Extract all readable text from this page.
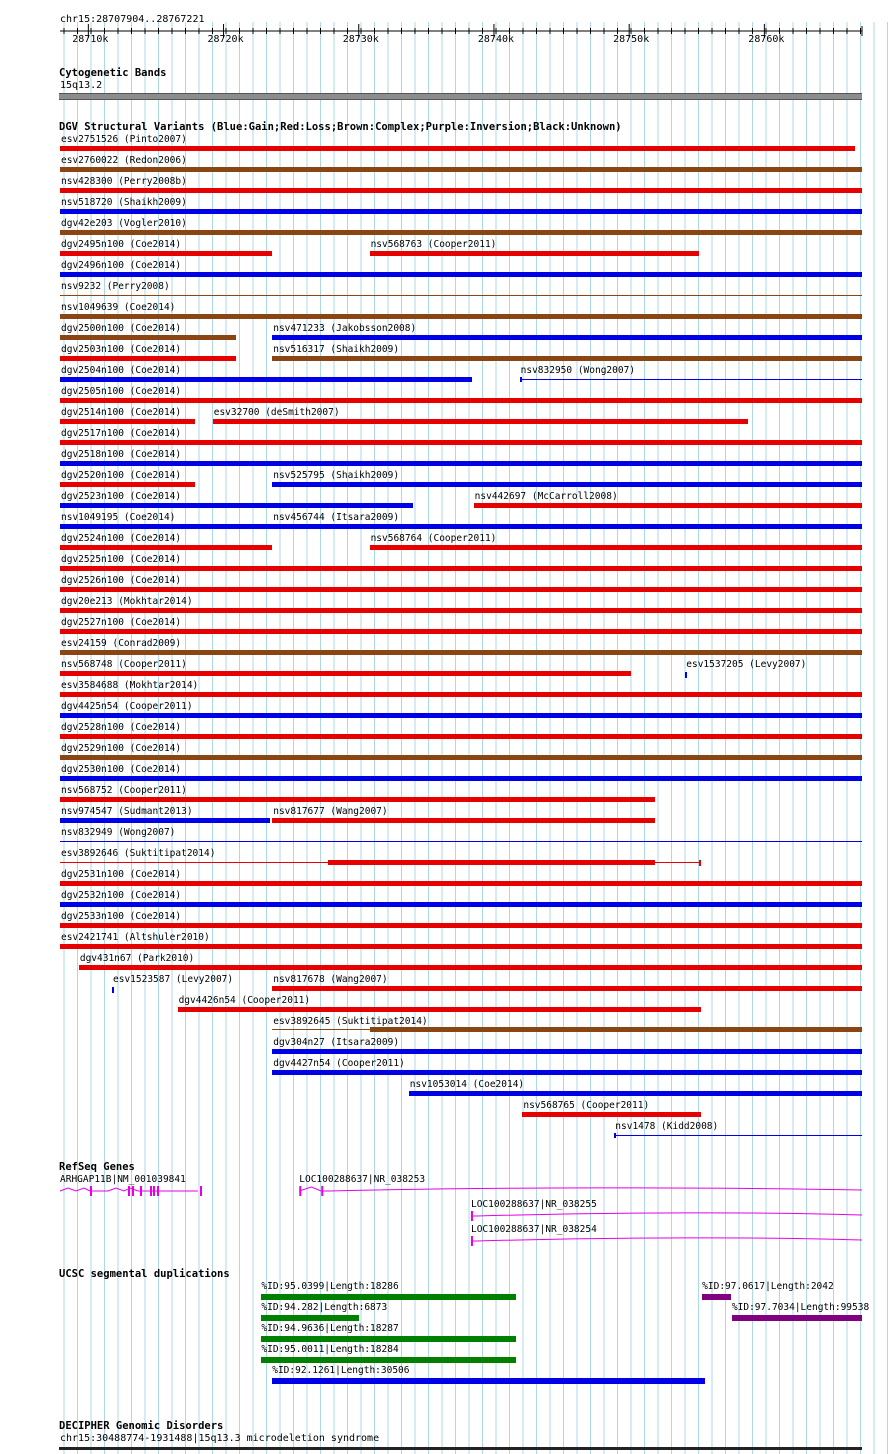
chr15:28707904..28767221
28710k	28720k	28730k	28740k	28750k	28760k
Cytogenetic Bands
15q13.2
DGV Structural Variants (Blue:Gain;Red:Loss;Brown:Complex;Purple:Inversion;Black:Unknown)
esv2751526 (Pinto2007)
esv2760022 (Redon2006)
nsv428300 (Perry2008b)
nsv518720 (Shaikh2009)
dgv42e203 (Vogler2010)
dgv2495n100 (Coe2014)	nsv568763 (Cooper2011)
dgv2496n100 (Coe2014)
nsv9232 (Perry2008)
nsv1049639 (Coe2014)
dgv2500n100 (Coe2014)	nsv471233 (Jakobsson2008)
dgv2503n100 (Coe2014)	nsv516317 (Shaikh2009)
dgv2504n100 (Coe2014)	nsv832950 (Wong2007)
dgv2505n100 (Coe2014)
dgv2514n100 (Coe2014)	esv32700 (deSmith2007)
dgv2517n100 (Coe2014)
dgv2518n100 (Coe2014)
dgv2520n100 (Coe2014)	nsv525795 (Shaikh2009)
dgv2523n100 (Coe2014)	nsv442697 (McCarroll2008)
nsv1049195 (Coe2014)	nsv456744 (Itsara2009)
dgv2524n100 (Coe2014)	nsv568764 (Cooper2011)
dgv2525n100 (Coe2014)
dgv2526n100 (Coe2014)
dgv20e213 (Mokhtar2014)
dgv2527n100 (Coe2014)
esv24159 (Conrad2009)
nsv568748 (Cooper2011)	esv1537205 (Levy2007)
esv3584688 (Mokhtar2014)
dgv4425n54 (Cooper2011)
dgv2528n100 (Coe2014)
dgv2529n100 (Coe2014)
dgv2530n100 (Coe2014)
nsv568752 (Cooper2011)
nsv974547 (Sudmant2013)	nsv817677 (Wang2007)
nsv832949 (Wong2007)
esv3892646 (Suktitipat2014)
dgv2531n100 (Coe2014)
dgv2532n100 (Coe2014)
dgv2533n100 (Coe2014)
esv2421741 (Altshuler2010)
dgv431n67 (Park2010)
esv1523587 (Levy2007)	nsv817678 (Wang2007)
dgv4426n54 (Cooper2011)
esv3892645 (Suktitipat2014)
dgv304n27 (Itsara2009)
dgv4427n54 (Cooper2011)
nsv1053014 (Coe2014)
nsv568765 (Cooper2011)
nsv1478 (Kidd2008)
RefSeq Genes
ARHGAP11B|NM_001039841	LOC100288637|NR_038253
LOC100288637|NR_038255
LOC100288637|NR_038254
UCSC segmental duplications
%ID:95.0399|Length:18286	%ID:97.0617|Length:2042
%ID:94.282|Length:6873	%ID:97.7034|Length:99538
%ID:94.9636|Length:18287
%ID:95.0011|Length:18284
%ID:92.1261|Length:30506
DECIPHER Genomic Disorders
chr15:30488774-1931488|15q13.3 microdeletion syndrome
